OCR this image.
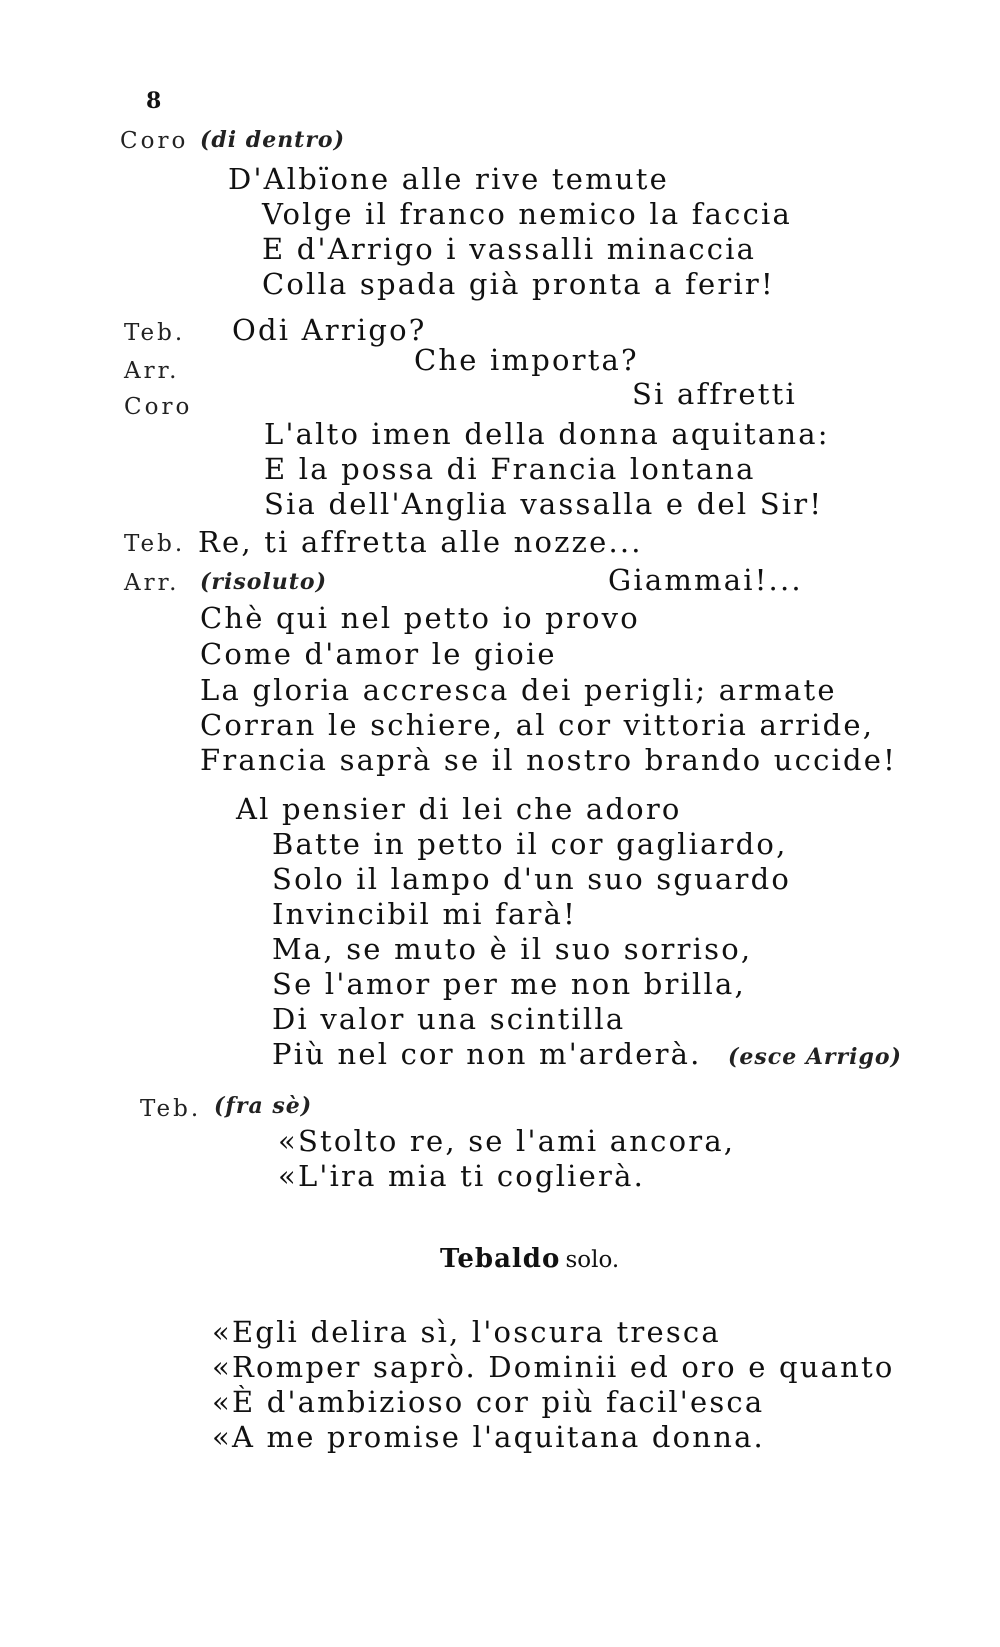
8
Coro (di dentro)
D'Albïone alle rive temute
Volge il franco nemico la faccia
E d'Arrigo i vassalli minaccia
Colla spada già pronta a ferir!
Teb. Odi Arrigo?
Arr.	Che importa?
Coro	Si affretti
L'alto imen della donna aquitana:
E la possa di Francia lontana
Sia dell'Anglia vassalla e del Sir!
Teb. Re, ti affretta alle nozze...
Arr. (risoluto)	Giammai!...
Chè qui nel petto io provo
Come d'amor le gioie
La gloria accresca dei perigli; armate
Corran le schiere, al cor vittoria arride,
Francia saprà se il nostro brando uccide!
Al pensier di lei che adoro
Batte in petto il cor gagliardo,
Solo il lampo d'un suo sguardo
Invincibil mi farà!
Ma, se muto è il suo sorriso,
Se l'amor per me non brilla,
Di valor una scintilla
Più nel cor non m'arderà. (esce Arrigo)
Teb. (fra sè)
«Stolto re, se l'ami ancora,
«L'ira mia ti coglierà.
Tebaldo solo.
«Egli delira sì, l'oscura tresca
«Romper saprò. Dominii ed oro e quanto
«È d'ambizioso cor più facil'esca
«A me promise l'aquitana donna.
